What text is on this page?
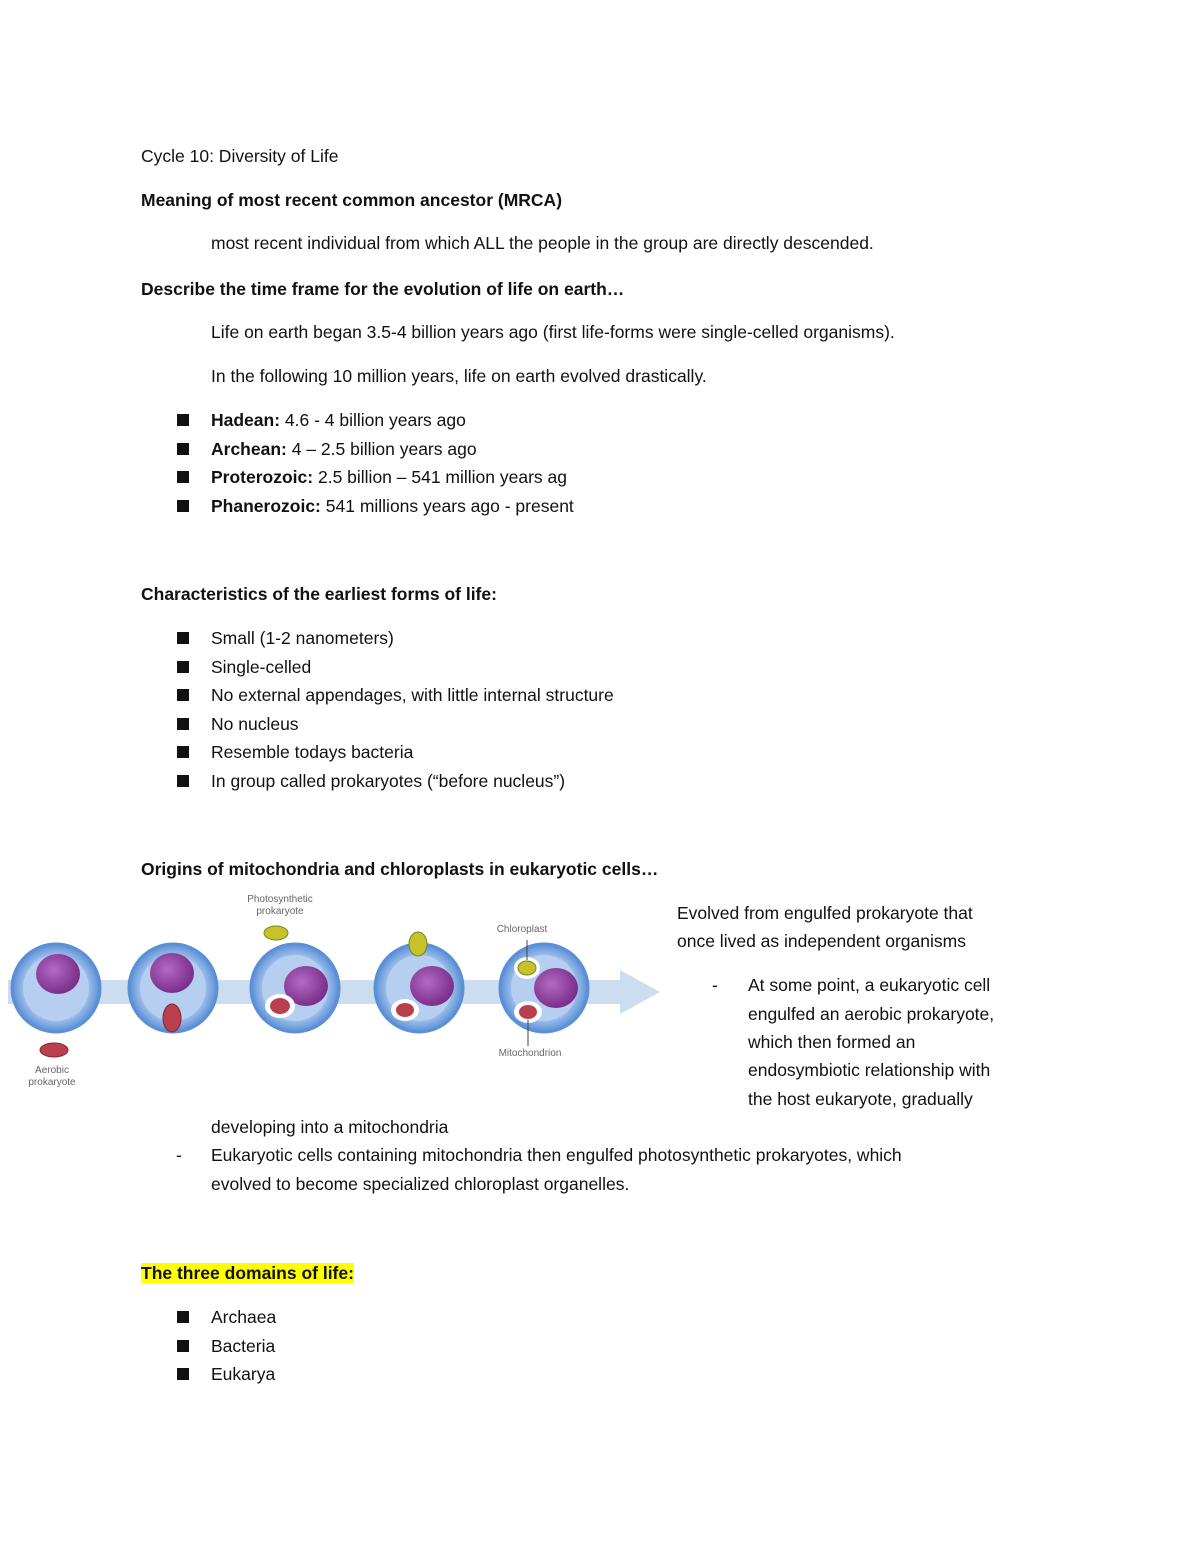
Cycle 10: Diversity of Life
Meaning of most recent common ancestor (MRCA)
most recent individual from which ALL the people in the group are directly descended.
Describe the time frame for the evolution of life on earth…
Life on earth began 3.5-4 billion years ago (first life-forms were single-celled organisms).
In the following 10 million years, life on earth evolved drastically.
Hadean: 4.6 - 4 billion years ago
Archean: 4 – 2.5 billion years ago
Proterozoic: 2.5 billion – 541 million years ag
Phanerozoic: 541 millions years ago - present
Characteristics of the earliest forms of life:
Small (1-2 nanometers)
Single-celled
No external appendages, with little internal structure
No nucleus
Resemble todays bacteria
In group called prokaryotes (“before nucleus”)
Origins of mitochondria and chloroplasts in eukaryotic cells…
Aerobic
prokaryote
Photosynthetic
prokaryote
Chloroplast
Mitochondrion
Evolved from engulfed prokaryote that
once lived as independent organisms
- At some point, a eukaryotic cell
engulfed an aerobic prokaryote,
which then formed an
endosymbiotic relationship with
the host eukaryote, gradually
developing into a mitochondria
- Eukaryotic cells containing mitochondria then engulfed photosynthetic prokaryotes, which
evolved to become specialized chloroplast organelles.
The three domains of life:
Archaea
Bacteria
Eukarya
